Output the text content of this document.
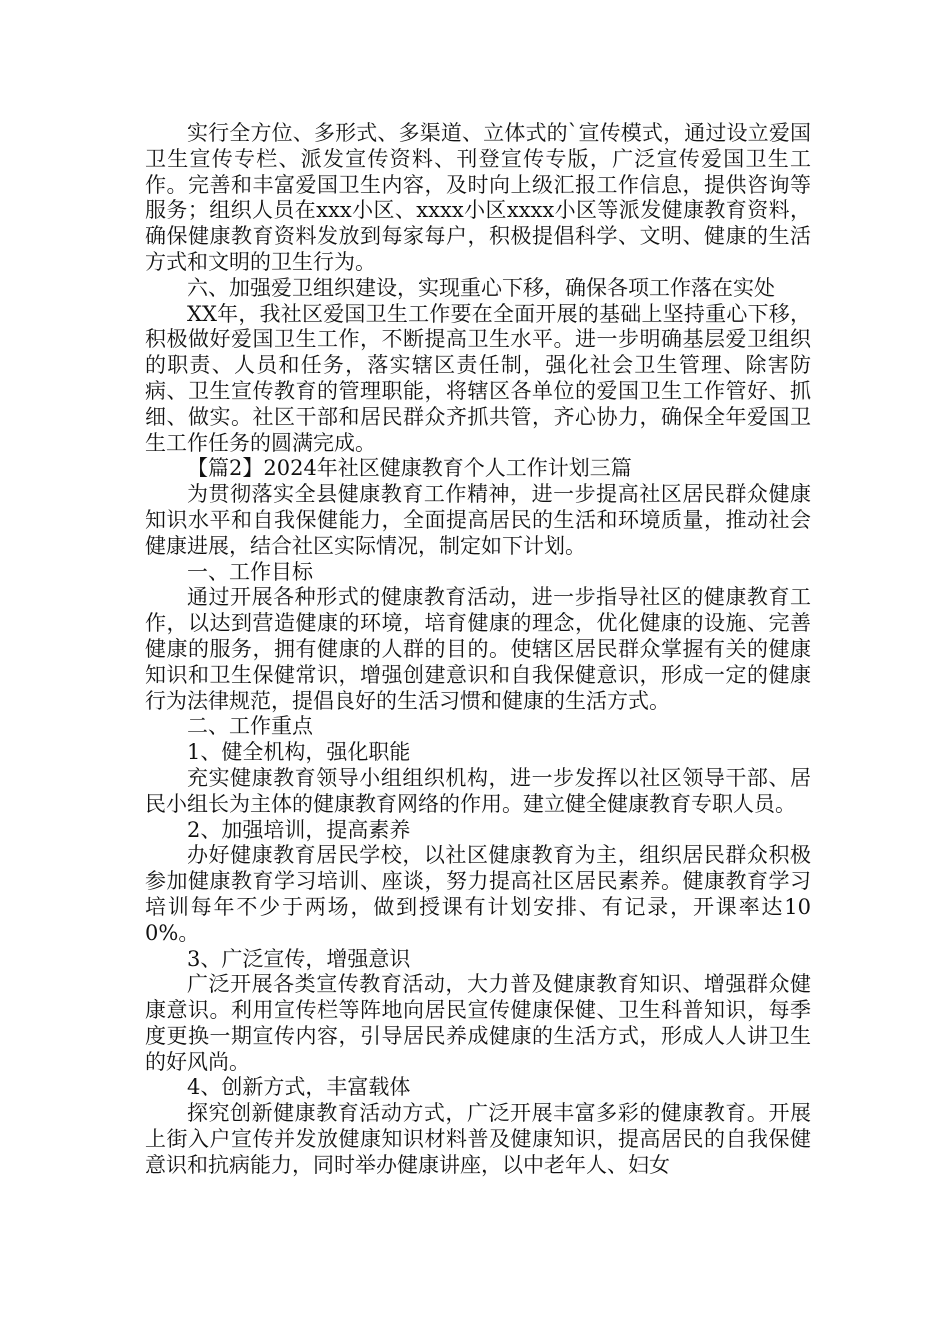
实行全方位、多形式、多渠道、立体式的`宣传模式，通过设立爱国卫生宣传专栏、派发宣传资料、刊登宣传专版，广泛宣传爱国卫生工作。完善和丰富爱国卫生内容，及时向上级汇报工作信息，提供咨询等服务；组织人员在xxx小区、xxxx小区xxxx小区等派发健康教育资料，确保健康教育资料发放到每家每户，积极提倡科学、文明、健康的生活方式和文明的卫生行为。

六、加强爱卫组织建设，实现重心下移，确保各项工作落在实处

XX年，我社区爱国卫生工作要在全面开展的基础上坚持重心下移，积极做好爱国卫生工作，不断提高卫生水平。进一步明确基层爱卫组织的职责、人员和任务，落实辖区责任制，强化社会卫生管理、除害防病、卫生宣传教育的管理职能，将辖区各单位的爱国卫生工作管好、抓细、做实。社区干部和居民群众齐抓共管，齐心协力，确保全年爱国卫生工作任务的圆满完成。

【篇2】2024年社区健康教育个人工作计划三篇

为贯彻落实全县健康教育工作精神，进一步提高社区居民群众健康知识水平和自我保健能力，全面提高居民的生活和环境质量，推动社会健康进展，结合社区实际情况，制定如下计划。

一、工作目标

通过开展各种形式的健康教育活动，进一步指导社区的健康教育工作，以达到营造健康的环境，培育健康的理念，优化健康的设施、完善健康的服务，拥有健康的人群的目的。使辖区居民群众掌握有关的健康知识和卫生保健常识，增强创建意识和自我保健意识，形成一定的健康行为法律规范，提倡良好的生活习惯和健康的生活方式。

二、工作重点

1、健全机构，强化职能

充实健康教育领导小组组织机构，进一步发挥以社区领导干部、居民小组长为主体的健康教育网络的作用。建立健全健康教育专职人员。

2、加强培训，提高素养

办好健康教育居民学校，以社区健康教育为主，组织居民群众积极参加健康教育学习培训、座谈，努力提高社区居民素养。健康教育学习培训每年不少于两场，做到授课有计划安排、有记录，开课率达100%。

3、广泛宣传，增强意识

广泛开展各类宣传教育活动，大力普及健康教育知识、增强群众健康意识。利用宣传栏等阵地向居民宣传健康保健、卫生科普知识，每季度更换一期宣传内容，引导居民养成健康的生活方式，形成人人讲卫生的好风尚。

4、创新方式，丰富载体

探究创新健康教育活动方式，广泛开展丰富多彩的健康教育。开展上街入户宣传并发放健康知识材料普及健康知识，提高居民的自我保健意识和抗病能力，同时举办健康讲座，以中老年人、妇女
